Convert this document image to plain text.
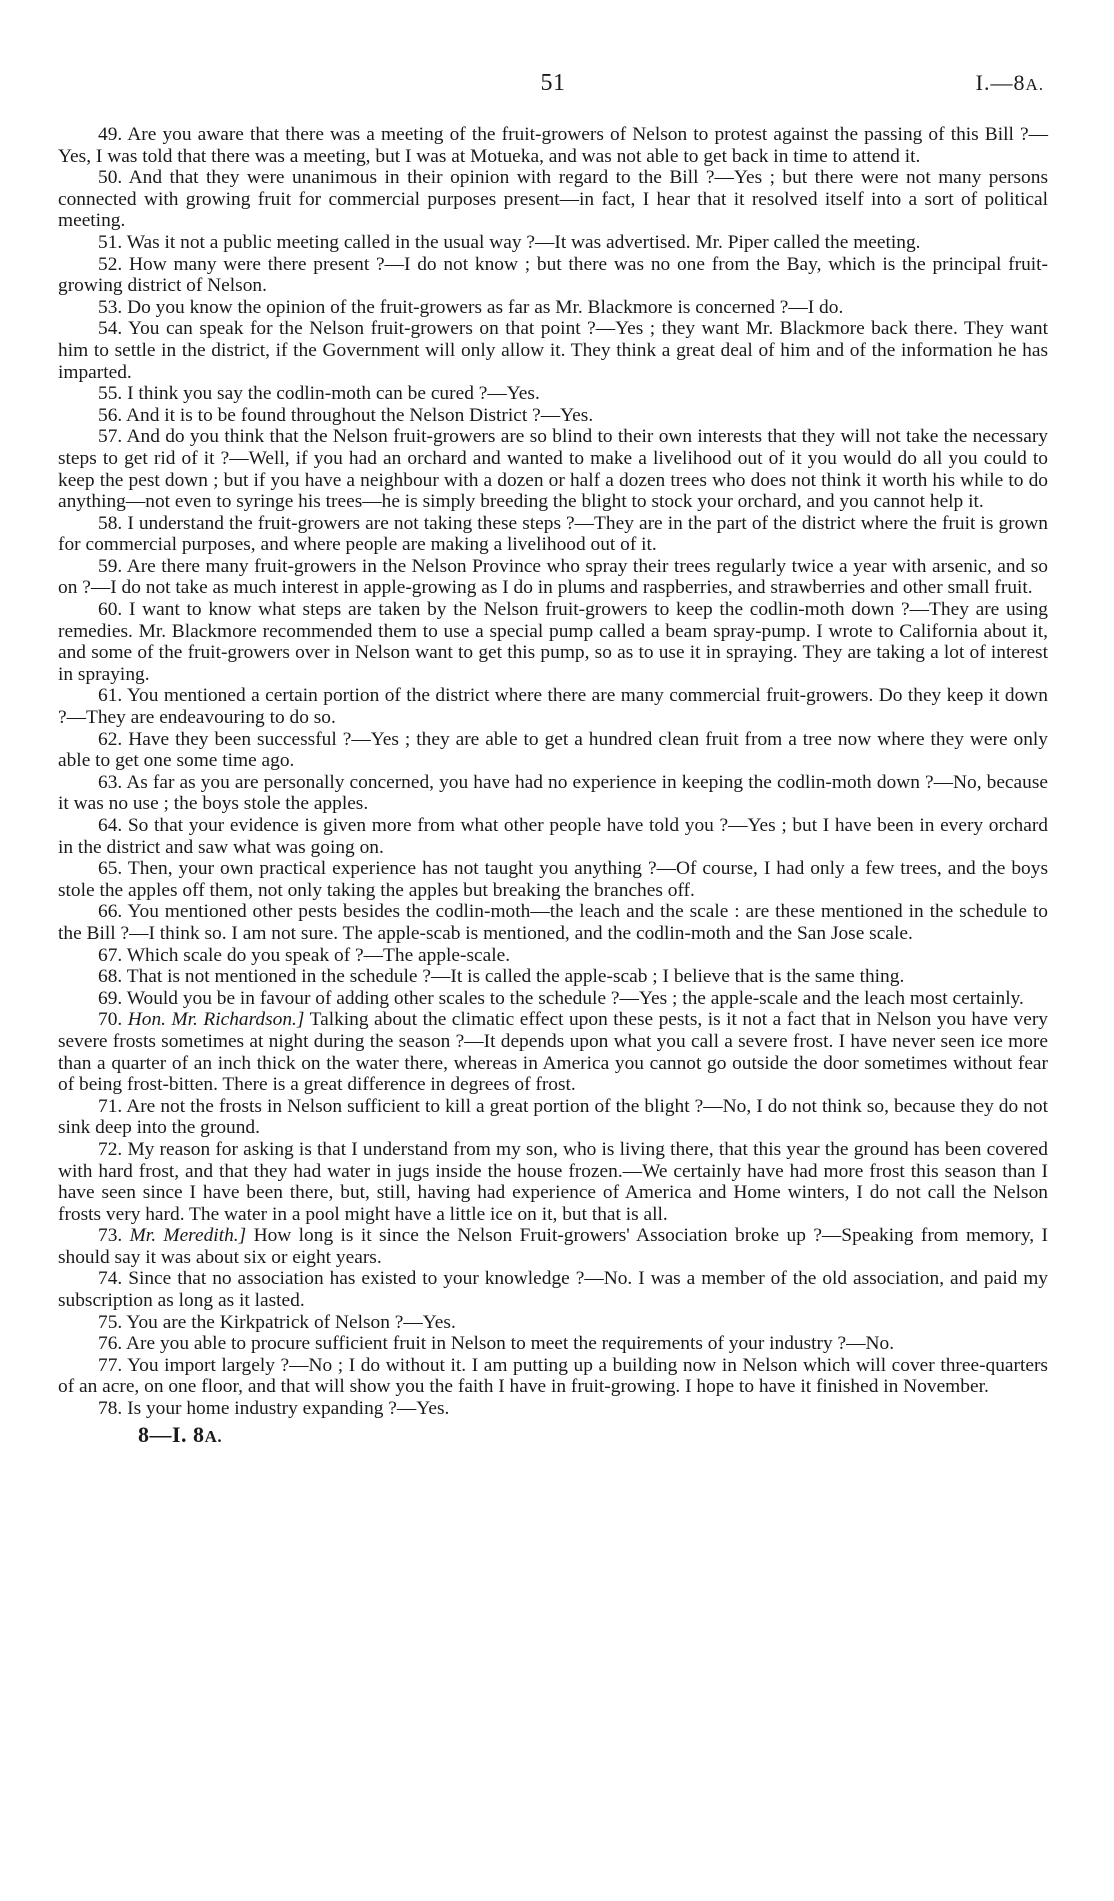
51	I.—8A.

49. Are you aware that there was a meeting of the fruit-growers of Nelson to protest against the passing of this Bill ?—Yes, I was told that there was a meeting, but I was at Motueka, and was not able to get back in time to attend it.

50. And that they were unanimous in their opinion with regard to the Bill ?—Yes ; but there were not many persons connected with growing fruit for commercial purposes present—in fact, I hear that it resolved itself into a sort of political meeting.

51. Was it not a public meeting called in the usual way ?—It was advertised. Mr. Piper called the meeting.

52. How many were there present ?—I do not know ; but there was no one from the Bay, which is the principal fruit-growing district of Nelson.

53. Do you know the opinion of the fruit-growers as far as Mr. Blackmore is concerned ?—I do.

54. You can speak for the Nelson fruit-growers on that point ?—Yes ; they want Mr. Blackmore back there. They want him to settle in the district, if the Government will only allow it. They think a great deal of him and of the information he has imparted.

55. I think you say the codlin-moth can be cured ?—Yes.

56. And it is to be found throughout the Nelson District ?—Yes.

57. And do you think that the Nelson fruit-growers are so blind to their own interests that they will not take the necessary steps to get rid of it ?—Well, if you had an orchard and wanted to make a livelihood out of it you would do all you could to keep the pest down ; but if you have a neighbour with a dozen or half a dozen trees who does not think it worth his while to do anything—not even to syringe his trees—he is simply breeding the blight to stock your orchard, and you cannot help it.

58. I understand the fruit-growers are not taking these steps ?—They are in the part of the district where the fruit is grown for commercial purposes, and where people are making a livelihood out of it.

59. Are there many fruit-growers in the Nelson Province who spray their trees regularly twice a year with arsenic, and so on ?—I do not take as much interest in apple-growing as I do in plums and raspberries, and strawberries and other small fruit.

60. I want to know what steps are taken by the Nelson fruit-growers to keep the codlin-moth down ?—They are using remedies. Mr. Blackmore recommended them to use a special pump called a beam spray-pump. I wrote to California about it, and some of the fruit-growers over in Nelson want to get this pump, so as to use it in spraying. They are taking a lot of interest in spraying.

61. You mentioned a certain portion of the district where there are many commercial fruit-growers. Do they keep it down ?—They are endeavouring to do so.

62. Have they been successful ?—Yes ; they are able to get a hundred clean fruit from a tree now where they were only able to get one some time ago.

63. As far as you are personally concerned, you have had no experience in keeping the codlin-moth down ?—No, because it was no use ; the boys stole the apples.

64. So that your evidence is given more from what other people have told you ?—Yes ; but I have been in every orchard in the district and saw what was going on.

65. Then, your own practical experience has not taught you anything ?—Of course, I had only a few trees, and the boys stole the apples off them, not only taking the apples but breaking the branches off.

66. You mentioned other pests besides the codlin-moth—the leach and the scale : are these mentioned in the schedule to the Bill ?—I think so. I am not sure. The apple-scab is mentioned, and the codlin-moth and the San Jose scale.

67. Which scale do you speak of ?—The apple-scale.

68. That is not mentioned in the schedule ?—It is called the apple-scab ; I believe that is the same thing.

69. Would you be in favour of adding other scales to the schedule ?—Yes ; the apple-scale and the leach most certainly.

70. Hon. Mr. Richardson.] Talking about the climatic effect upon these pests, is it not a fact that in Nelson you have very severe frosts sometimes at night during the season ?—It depends upon what you call a severe frost. I have never seen ice more than a quarter of an inch thick on the water there, whereas in America you cannot go outside the door sometimes without fear of being frost-bitten. There is a great difference in degrees of frost.

71. Are not the frosts in Nelson sufficient to kill a great portion of the blight ?—No, I do not think so, because they do not sink deep into the ground.

72. My reason for asking is that I understand from my son, who is living there, that this year the ground has been covered with hard frost, and that they had water in jugs inside the house frozen.—We certainly have had more frost this season than I have seen since I have been there, but, still, having had experience of America and Home winters, I do not call the Nelson frosts very hard. The water in a pool might have a little ice on it, but that is all.

73. Mr. Meredith.] How long is it since the Nelson Fruit-growers' Association broke up ?—Speaking from memory, I should say it was about six or eight years.

74. Since that no association has existed to your knowledge ?—No. I was a member of the old association, and paid my subscription as long as it lasted.

75. You are the Kirkpatrick of Nelson ?—Yes.

76. Are you able to procure sufficient fruit in Nelson to meet the requirements of your industry ?—No.

77. You import largely ?—No ; I do without it. I am putting up a building now in Nelson which will cover three-quarters of an acre, on one floor, and that will show you the faith I have in fruit-growing. I hope to have it finished in November.

78. Is your home industry expanding ?—Yes.

8—I. 8A.
